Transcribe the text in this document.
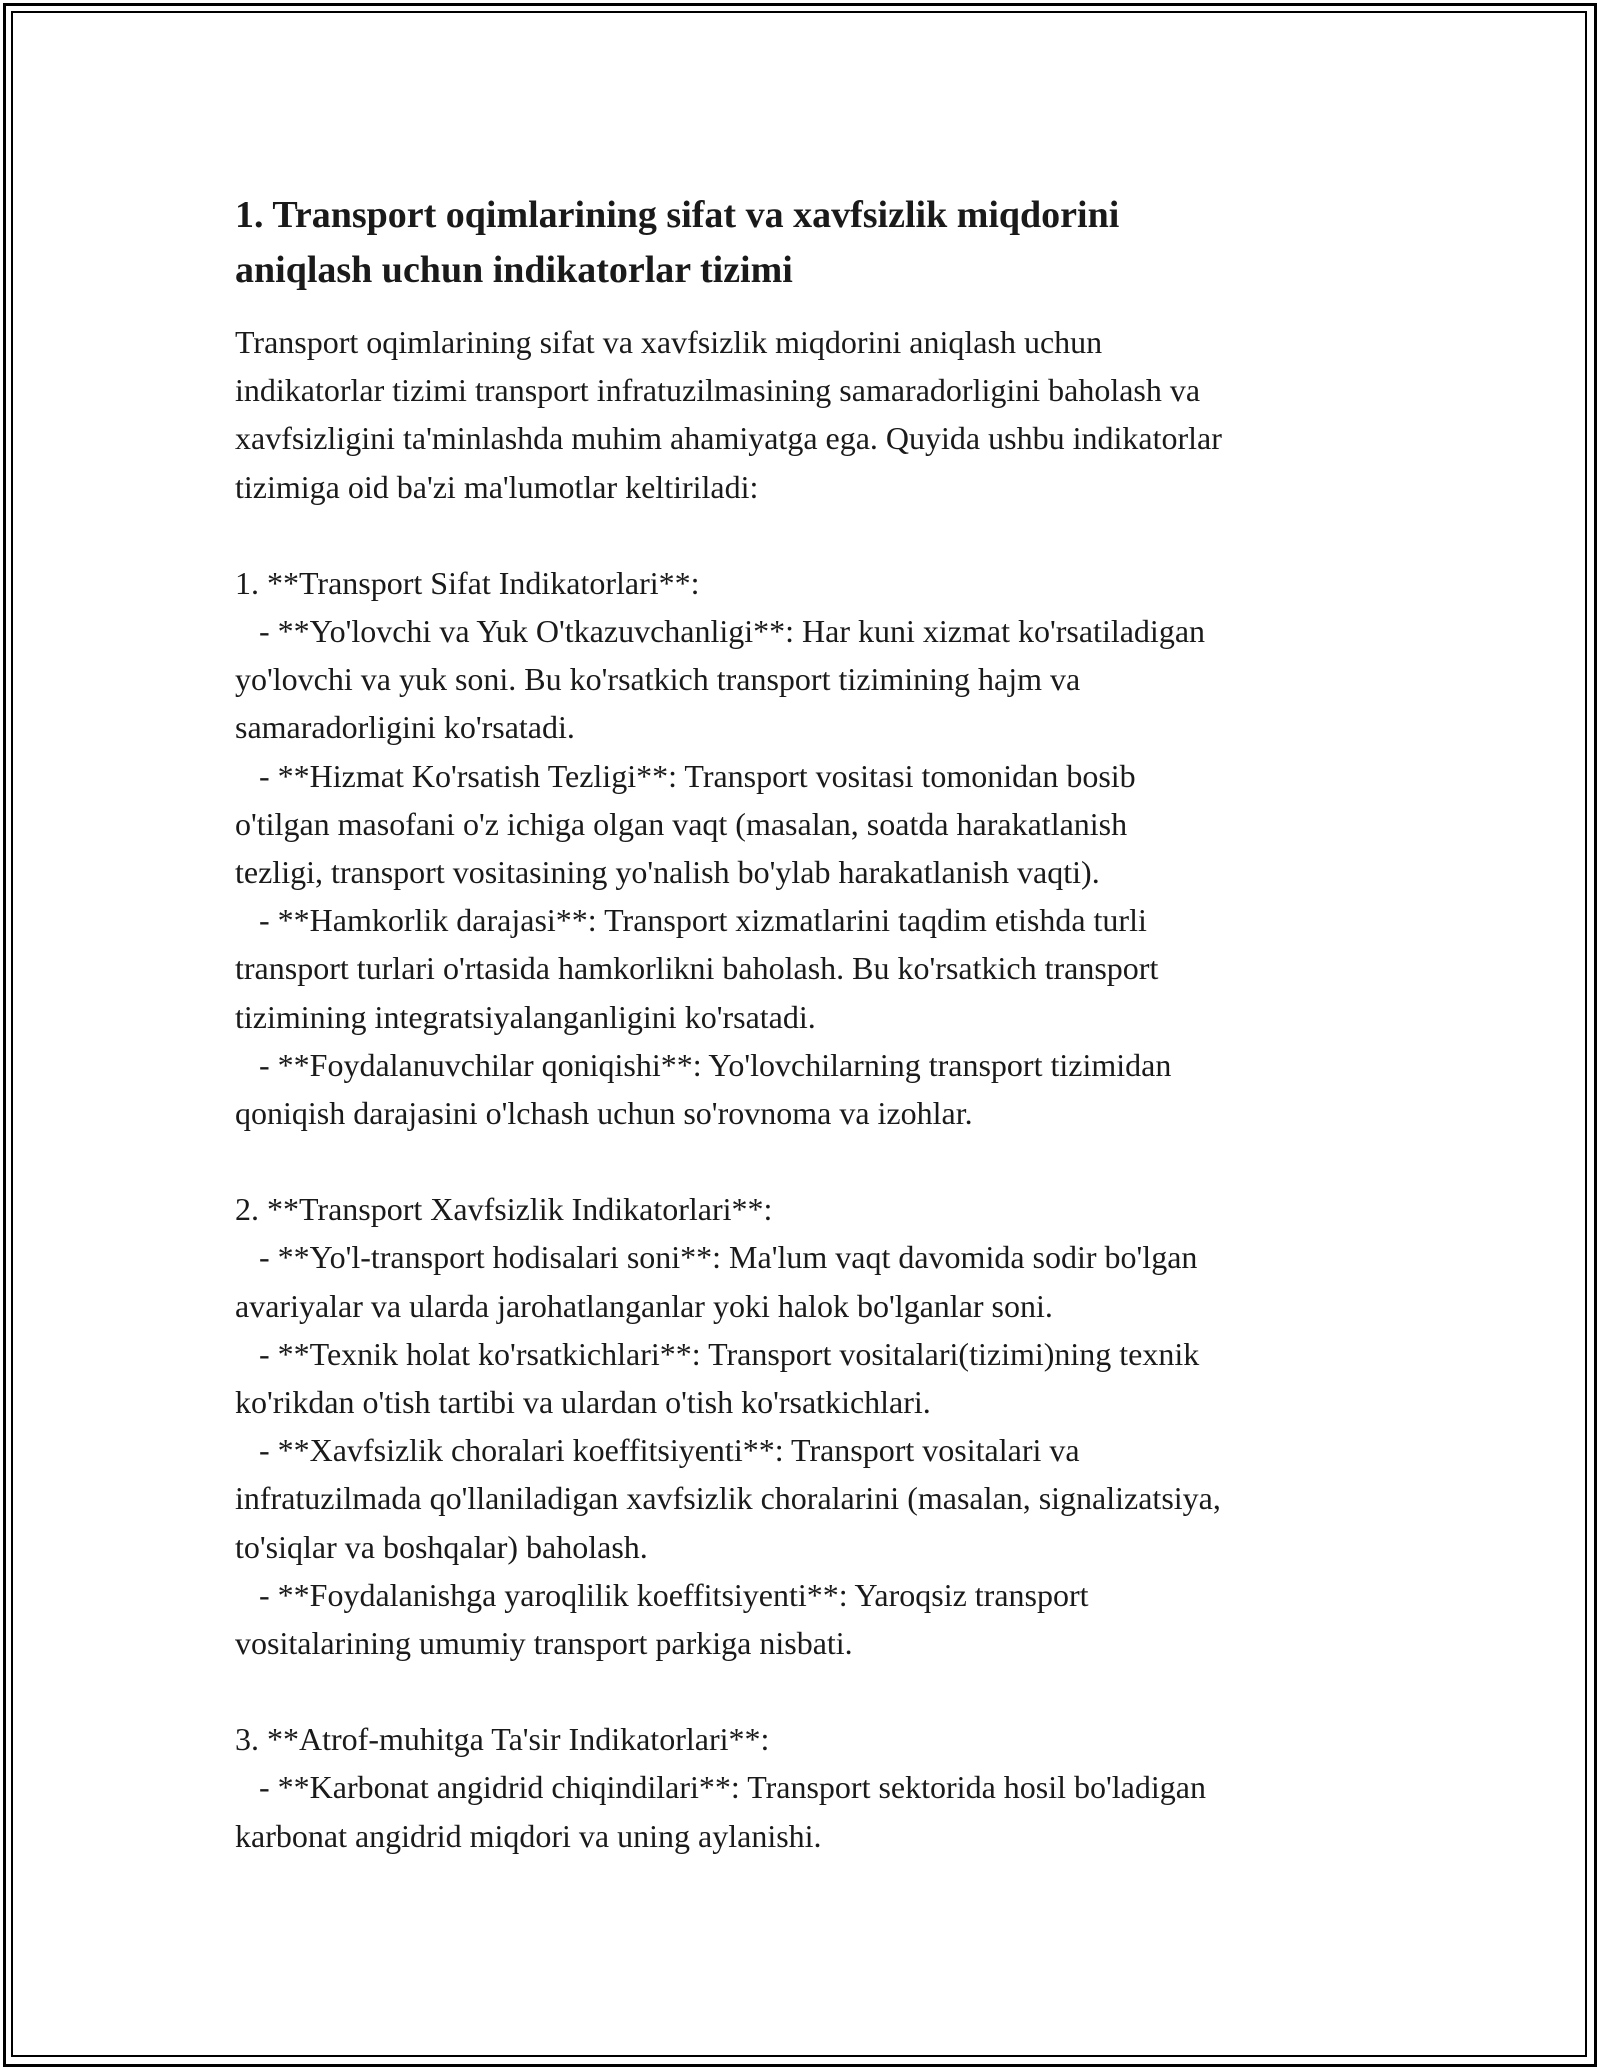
1. Transport oqimlarining sifat va xavfsizlik miqdorini
aniqlash uchun indikatorlar tizimi
Transport oqimlarining sifat va xavfsizlik miqdorini aniqlash uchun
indikatorlar tizimi transport infratuzilmasining samaradorligini baholash va
xavfsizligini ta'minlashda muhim ahamiyatga ega. Quyida ushbu indikatorlar
tizimiga oid ba'zi ma'lumotlar keltiriladi:
1. **Transport Sifat Indikatorlari**:
- **Yo'lovchi va Yuk O'tkazuvchanligi**: Har kuni xizmat ko'rsatiladigan
yo'lovchi va yuk soni. Bu ko'rsatkich transport tizimining hajm va
samaradorligini ko'rsatadi.
- **Hizmat Ko'rsatish Tezligi**: Transport vositasi tomonidan bosib
o'tilgan masofani o'z ichiga olgan vaqt (masalan, soatda harakatlanish
tezligi, transport vositasining yo'nalish bo'ylab harakatlanish vaqti).
- **Hamkorlik darajasi**: Transport xizmatlarini taqdim etishda turli
transport turlari o'rtasida hamkorlikni baholash. Bu ko'rsatkich transport
tizimining integratsiyalanganligini ko'rsatadi.
- **Foydalanuvchilar qoniqishi**: Yo'lovchilarning transport tizimidan
qoniqish darajasini o'lchash uchun so'rovnoma va izohlar.
2. **Transport Xavfsizlik Indikatorlari**:
- **Yo'l-transport hodisalari soni**: Ma'lum vaqt davomida sodir bo'lgan
avariyalar va ularda jarohatlanganlar yoki halok bo'lganlar soni.
- **Texnik holat ko'rsatkichlari**: Transport vositalari(tizimi)ning texnik
ko'rikdan o'tish tartibi va ulardan o'tish ko'rsatkichlari.
- **Xavfsizlik choralari koeffitsiyenti**: Transport vositalari va
infratuzilmada qo'llaniladigan xavfsizlik choralarini (masalan, signalizatsiya,
to'siqlar va boshqalar) baholash.
- **Foydalanishga yaroqlilik koeffitsiyenti**: Yaroqsiz transport
vositalarining umumiy transport parkiga nisbati.
3. **Atrof-muhitga Ta'sir Indikatorlari**:
- **Karbonat angidrid chiqindilari**: Transport sektorida hosil bo'ladigan
karbonat angidrid miqdori va uning aylanishi.
